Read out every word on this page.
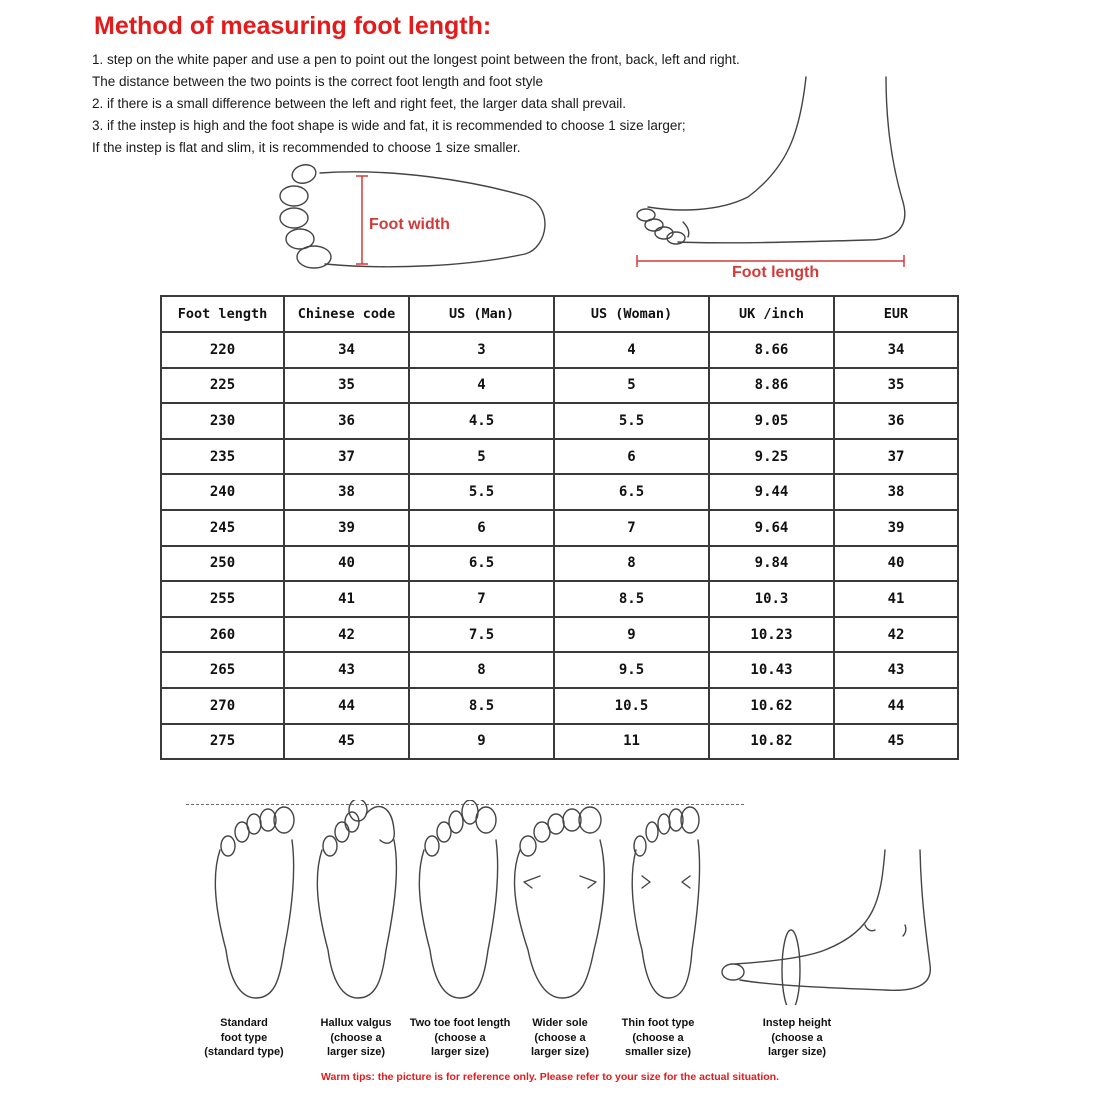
Method of measuring foot length:
1. step on the white paper and use a pen to point out the longest point between the front, back, left and right.
The distance between the two points is the correct foot length and foot style
2. if there is a small difference between the left and right feet, the larger data shall prevail.
3. if the instep is high and the foot shape is wide and fat, it is recommended to choose 1 size larger;
If the instep is flat and slim, it is recommended to choose 1 size smaller.
Foot width
Foot length
Foot length	Chinese code	US (Man)	US (Woman)	UK /inch	EUR
220	34	3	4	8.66	34
225	35	4	5	8.86	35
230	36	4.5	5.5	9.05	36
235	37	5	6	9.25	37
240	38	5.5	6.5	9.44	38
245	39	6	7	9.64	39
250	40	6.5	8	9.84	40
255	41	7	8.5	10.3	41
260	42	7.5	9	10.23	42
265	43	8	9.5	10.43	43
270	44	8.5	10.5	10.62	44
275	45	9	11	10.82	45
Standard
foot type
(standard type)
Hallux valgus
(choose a
larger size)
Two toe foot length
(choose a
larger size)
Wider sole
(choose a
larger size)
Thin foot type
(choose a
smaller size)
Instep height
(choose a
larger size)
Warm tips: the picture is for reference only. Please refer to your size for the actual situation.
